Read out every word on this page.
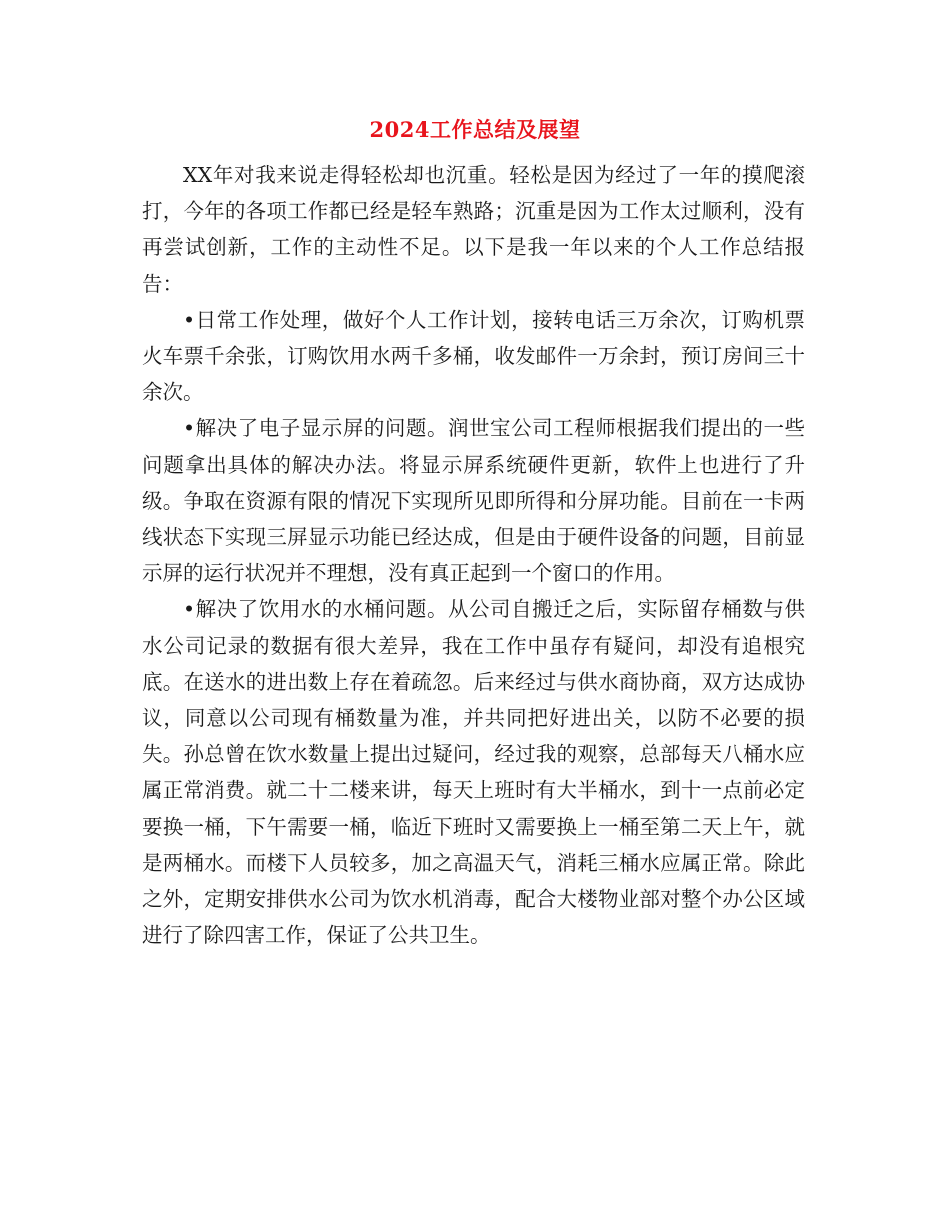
2024工作总结及展望

XX年对我来说走得轻松却也沉重。轻松是因为经过了一年的摸爬滚打，今年的各项工作都已经是轻车熟路；沉重是因为工作太过顺利，没有再尝试创新，工作的主动性不足。以下是我一年以来的个人工作总结报告：

•日常工作处理，做好个人工作计划，接转电话三万余次，订购机票火车票千余张，订购饮用水两千多桶，收发邮件一万余封，预订房间三十余次。

•解决了电子显示屏的问题。润世宝公司工程师根据我们提出的一些问题拿出具体的解决办法。将显示屏系统硬件更新，软件上也进行了升级。争取在资源有限的情况下实现所见即所得和分屏功能。目前在一卡两线状态下实现三屏显示功能已经达成，但是由于硬件设备的问题，目前显示屏的运行状况并不理想，没有真正起到一个窗口的作用。

•解决了饮用水的水桶问题。从公司自搬迁之后，实际留存桶数与供水公司记录的数据有很大差异，我在工作中虽存有疑问，却没有追根究底。在送水的进出数上存在着疏忽。后来经过与供水商协商，双方达成协议，同意以公司现有桶数量为准，并共同把好进出关，以防不必要的损失。孙总曾在饮水数量上提出过疑问，经过我的观察，总部每天八桶水应属正常消费。就二十二楼来讲，每天上班时有大半桶水，到十一点前必定要换一桶，下午需要一桶，临近下班时又需要换上一桶至第二天上午，就是两桶水。而楼下人员较多，加之高温天气，消耗三桶水应属正常。除此之外，定期安排供水公司为饮水机消毒，配合大楼物业部对整个办公区域进行了除四害工作，保证了公共卫生。
